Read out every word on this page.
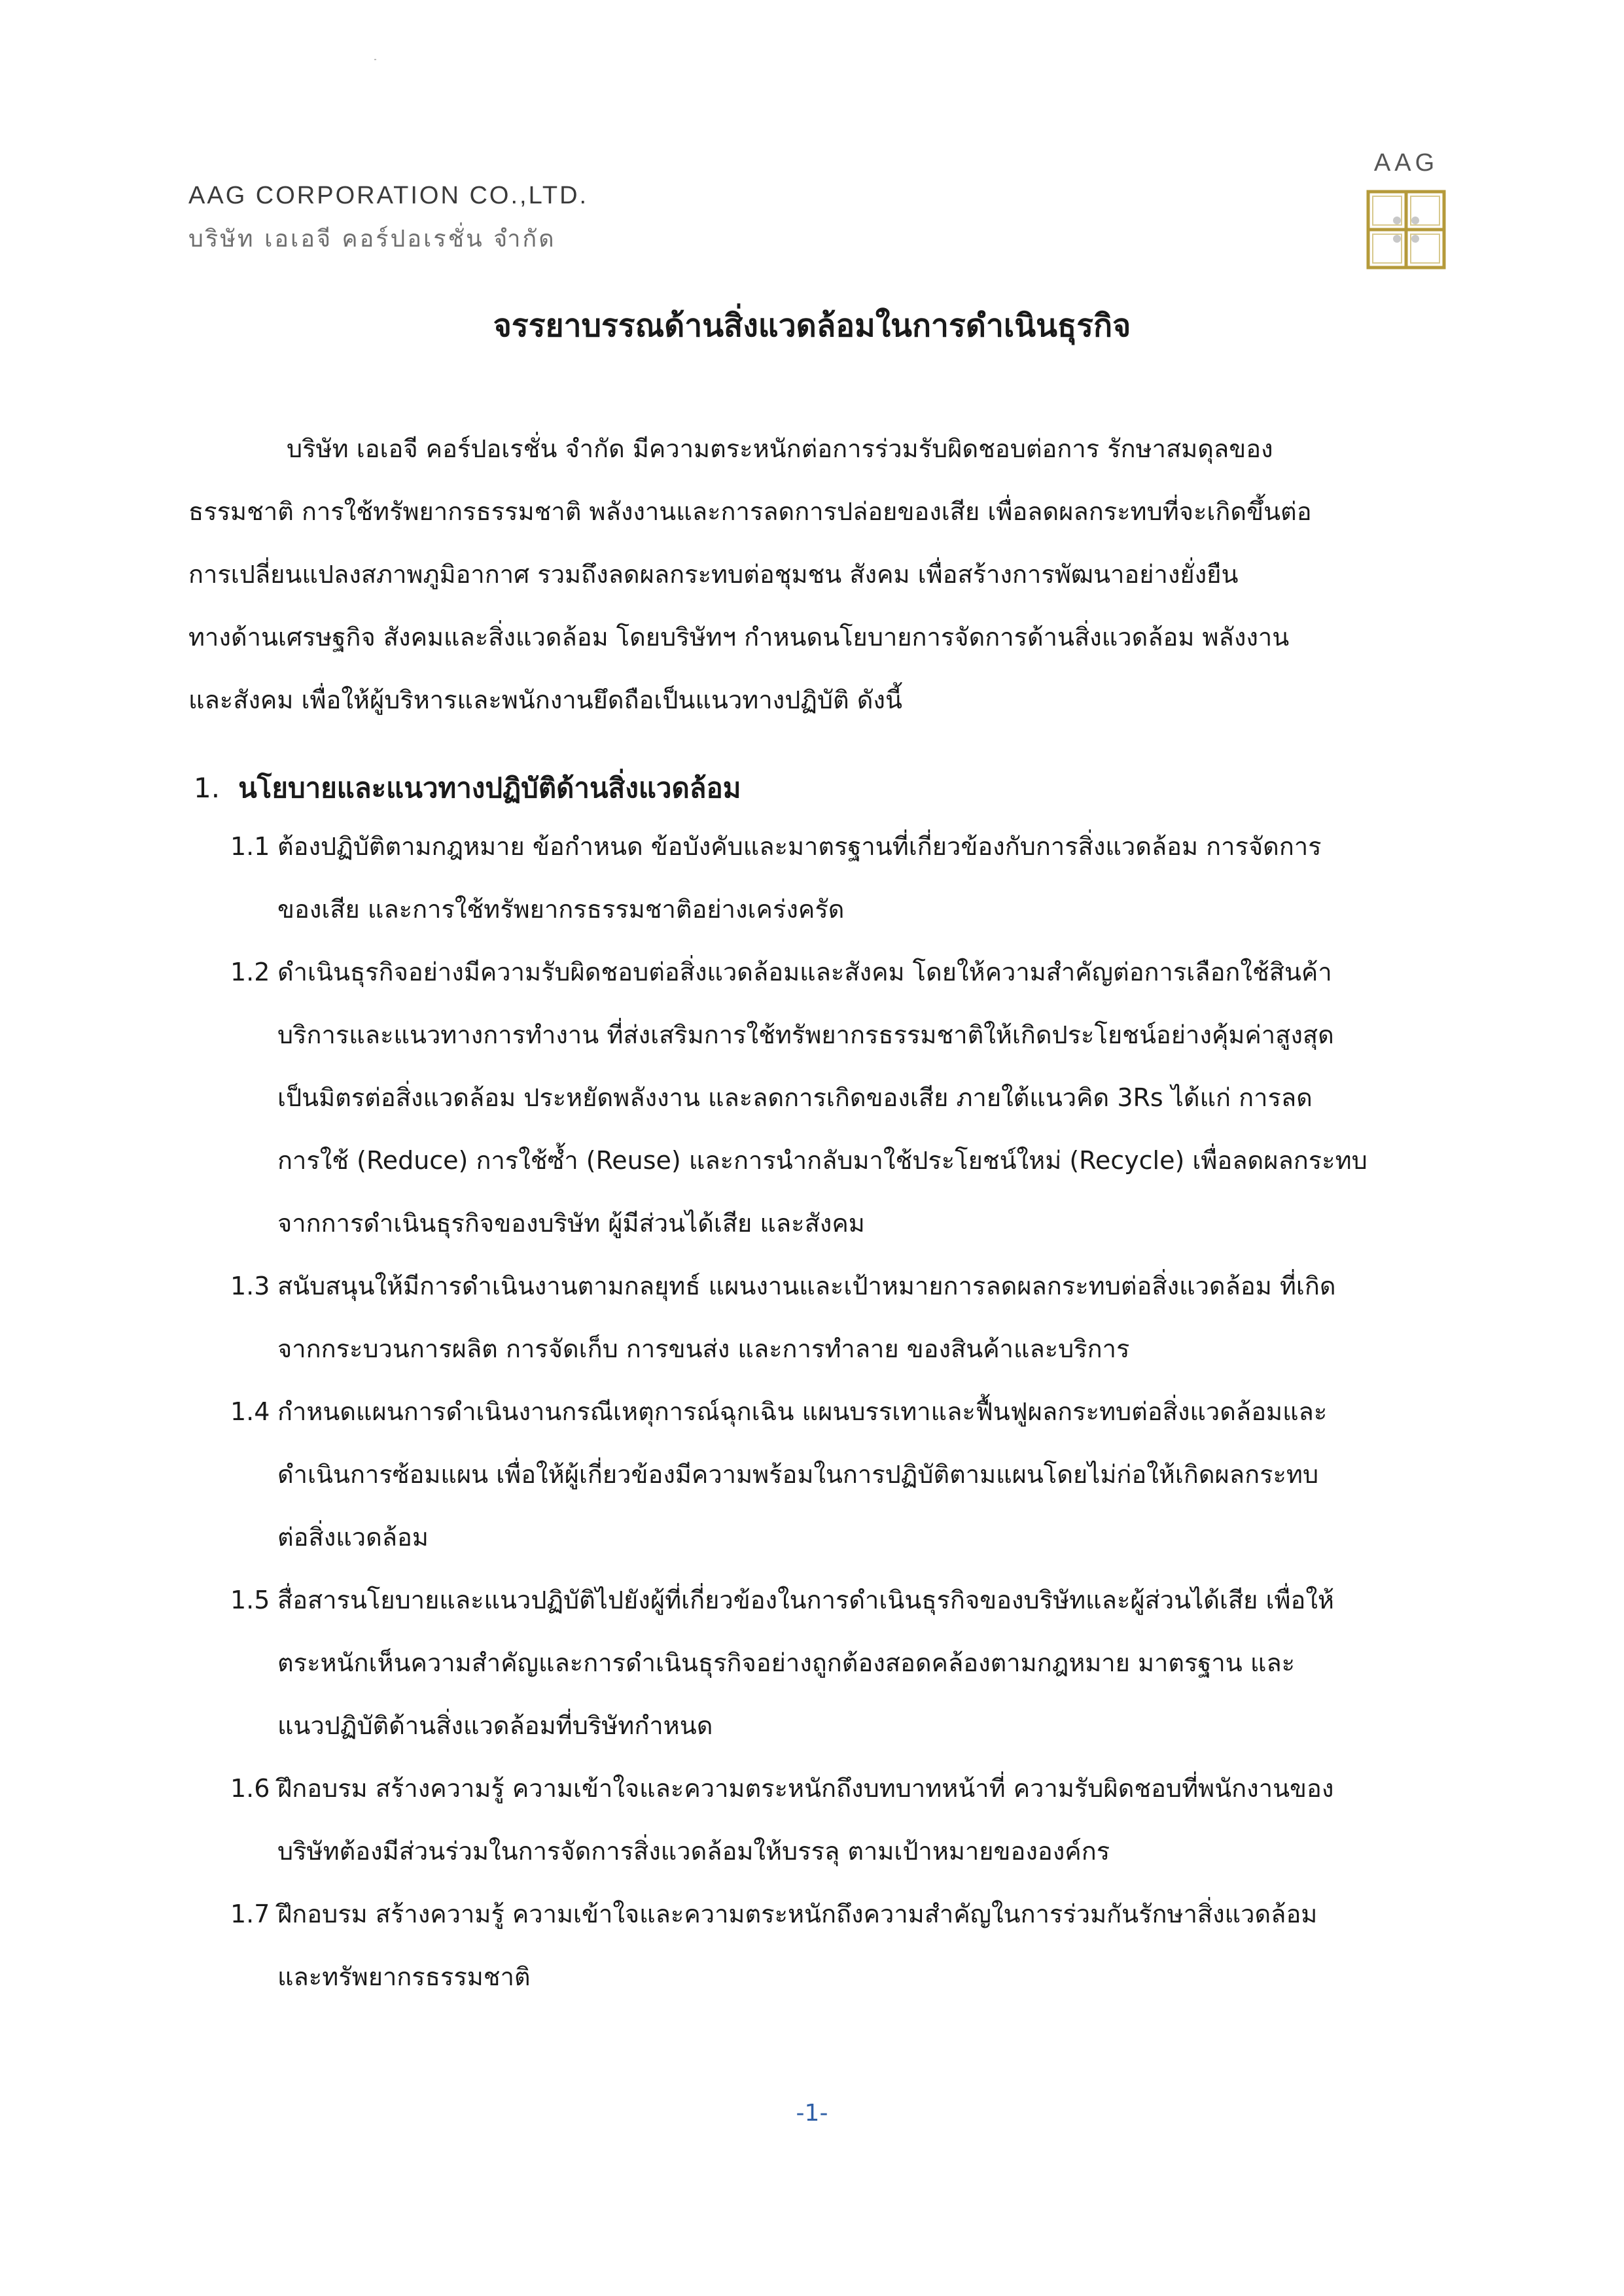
AAG CORPORATION CO.,LTD.
บริษัท เอเอจี คอร์ปอเรชั่น จำกัด
AAG
จรรยาบรรณด้านสิ่งแวดล้อมในการดำเนินธุรกิจ
บริษัท เอเอจี คอร์ปอเรชั่น จำกัด มีความตระหนักต่อการร่วมรับผิดชอบต่อการ รักษาสมดุลของ
ธรรมชาติ การใช้ทรัพยากรธรรมชาติ พลังงานและการลดการปล่อยของเสีย เพื่อลดผลกระทบที่จะเกิดขึ้นต่อ
การเปลี่ยนแปลงสภาพภูมิอากาศ รวมถึงลดผลกระทบต่อชุมชน สังคม เพื่อสร้างการพัฒนาอย่างยั่งยืน
ทางด้านเศรษฐกิจ สังคมและสิ่งแวดล้อม โดยบริษัทฯ กำหนดนโยบายการจัดการด้านสิ่งแวดล้อม พลังงาน
และสังคม เพื่อให้ผู้บริหารและพนักงานยึดถือเป็นแนวทางปฏิบัติ ดังนี้
1. นโยบายและแนวทางปฏิบัติด้านสิ่งแวดล้อม
1.1 ต้องปฏิบัติตามกฎหมาย ข้อกำหนด ข้อบังคับและมาตรฐานที่เกี่ยวข้องกับการสิ่งแวดล้อม การจัดการ
ของเสีย และการใช้ทรัพยากรธรรมชาติอย่างเคร่งครัด
1.2 ดำเนินธุรกิจอย่างมีความรับผิดชอบต่อสิ่งแวดล้อมและสังคม โดยให้ความสำคัญต่อการเลือกใช้สินค้า
บริการและแนวทางการทำงาน ที่ส่งเสริมการใช้ทรัพยากรธรรมชาติให้เกิดประโยชน์อย่างคุ้มค่าสูงสุด
เป็นมิตรต่อสิ่งแวดล้อม ประหยัดพลังงาน และลดการเกิดของเสีย ภายใต้แนวคิด 3Rs ได้แก่ การลด
การใช้ (Reduce) การใช้ซ้ำ (Reuse) และการนำกลับมาใช้ประโยชน์ใหม่ (Recycle) เพื่อลดผลกระทบ
จากการดำเนินธุรกิจของบริษัท ผู้มีส่วนได้เสีย และสังคม
1.3 สนับสนุนให้มีการดำเนินงานตามกลยุทธ์ แผนงานและเป้าหมายการลดผลกระทบต่อสิ่งแวดล้อม ที่เกิด
จากกระบวนการผลิต การจัดเก็บ การขนส่ง และการทำลาย ของสินค้าและบริการ
1.4 กำหนดแผนการดำเนินงานกรณีเหตุการณ์ฉุกเฉิน แผนบรรเทาและฟื้นฟูผลกระทบต่อสิ่งแวดล้อมและ
ดำเนินการซ้อมแผน เพื่อให้ผู้เกี่ยวข้องมีความพร้อมในการปฏิบัติตามแผนโดยไม่ก่อให้เกิดผลกระทบ
ต่อสิ่งแวดล้อม
1.5 สื่อสารนโยบายและแนวปฏิบัติไปยังผู้ที่เกี่ยวข้องในการดำเนินธุรกิจของบริษัทและผู้ส่วนได้เสีย เพื่อให้
ตระหนักเห็นความสำคัญและการดำเนินธุรกิจอย่างถูกต้องสอดคล้องตามกฎหมาย มาตรฐาน และ
แนวปฏิบัติด้านสิ่งแวดล้อมที่บริษัทกำหนด
1.6 ฝึกอบรม สร้างความรู้ ความเข้าใจและความตระหนักถึงบทบาทหน้าที่ ความรับผิดชอบที่พนักงานของ
บริษัทต้องมีส่วนร่วมในการจัดการสิ่งแวดล้อมให้บรรลุ ตามเป้าหมายขององค์กร
1.7 ฝึกอบรม สร้างความรู้ ความเข้าใจและความตระหนักถึงความสำคัญในการร่วมกันรักษาสิ่งแวดล้อม
และทรัพยากรธรรมชาติ
-1-
